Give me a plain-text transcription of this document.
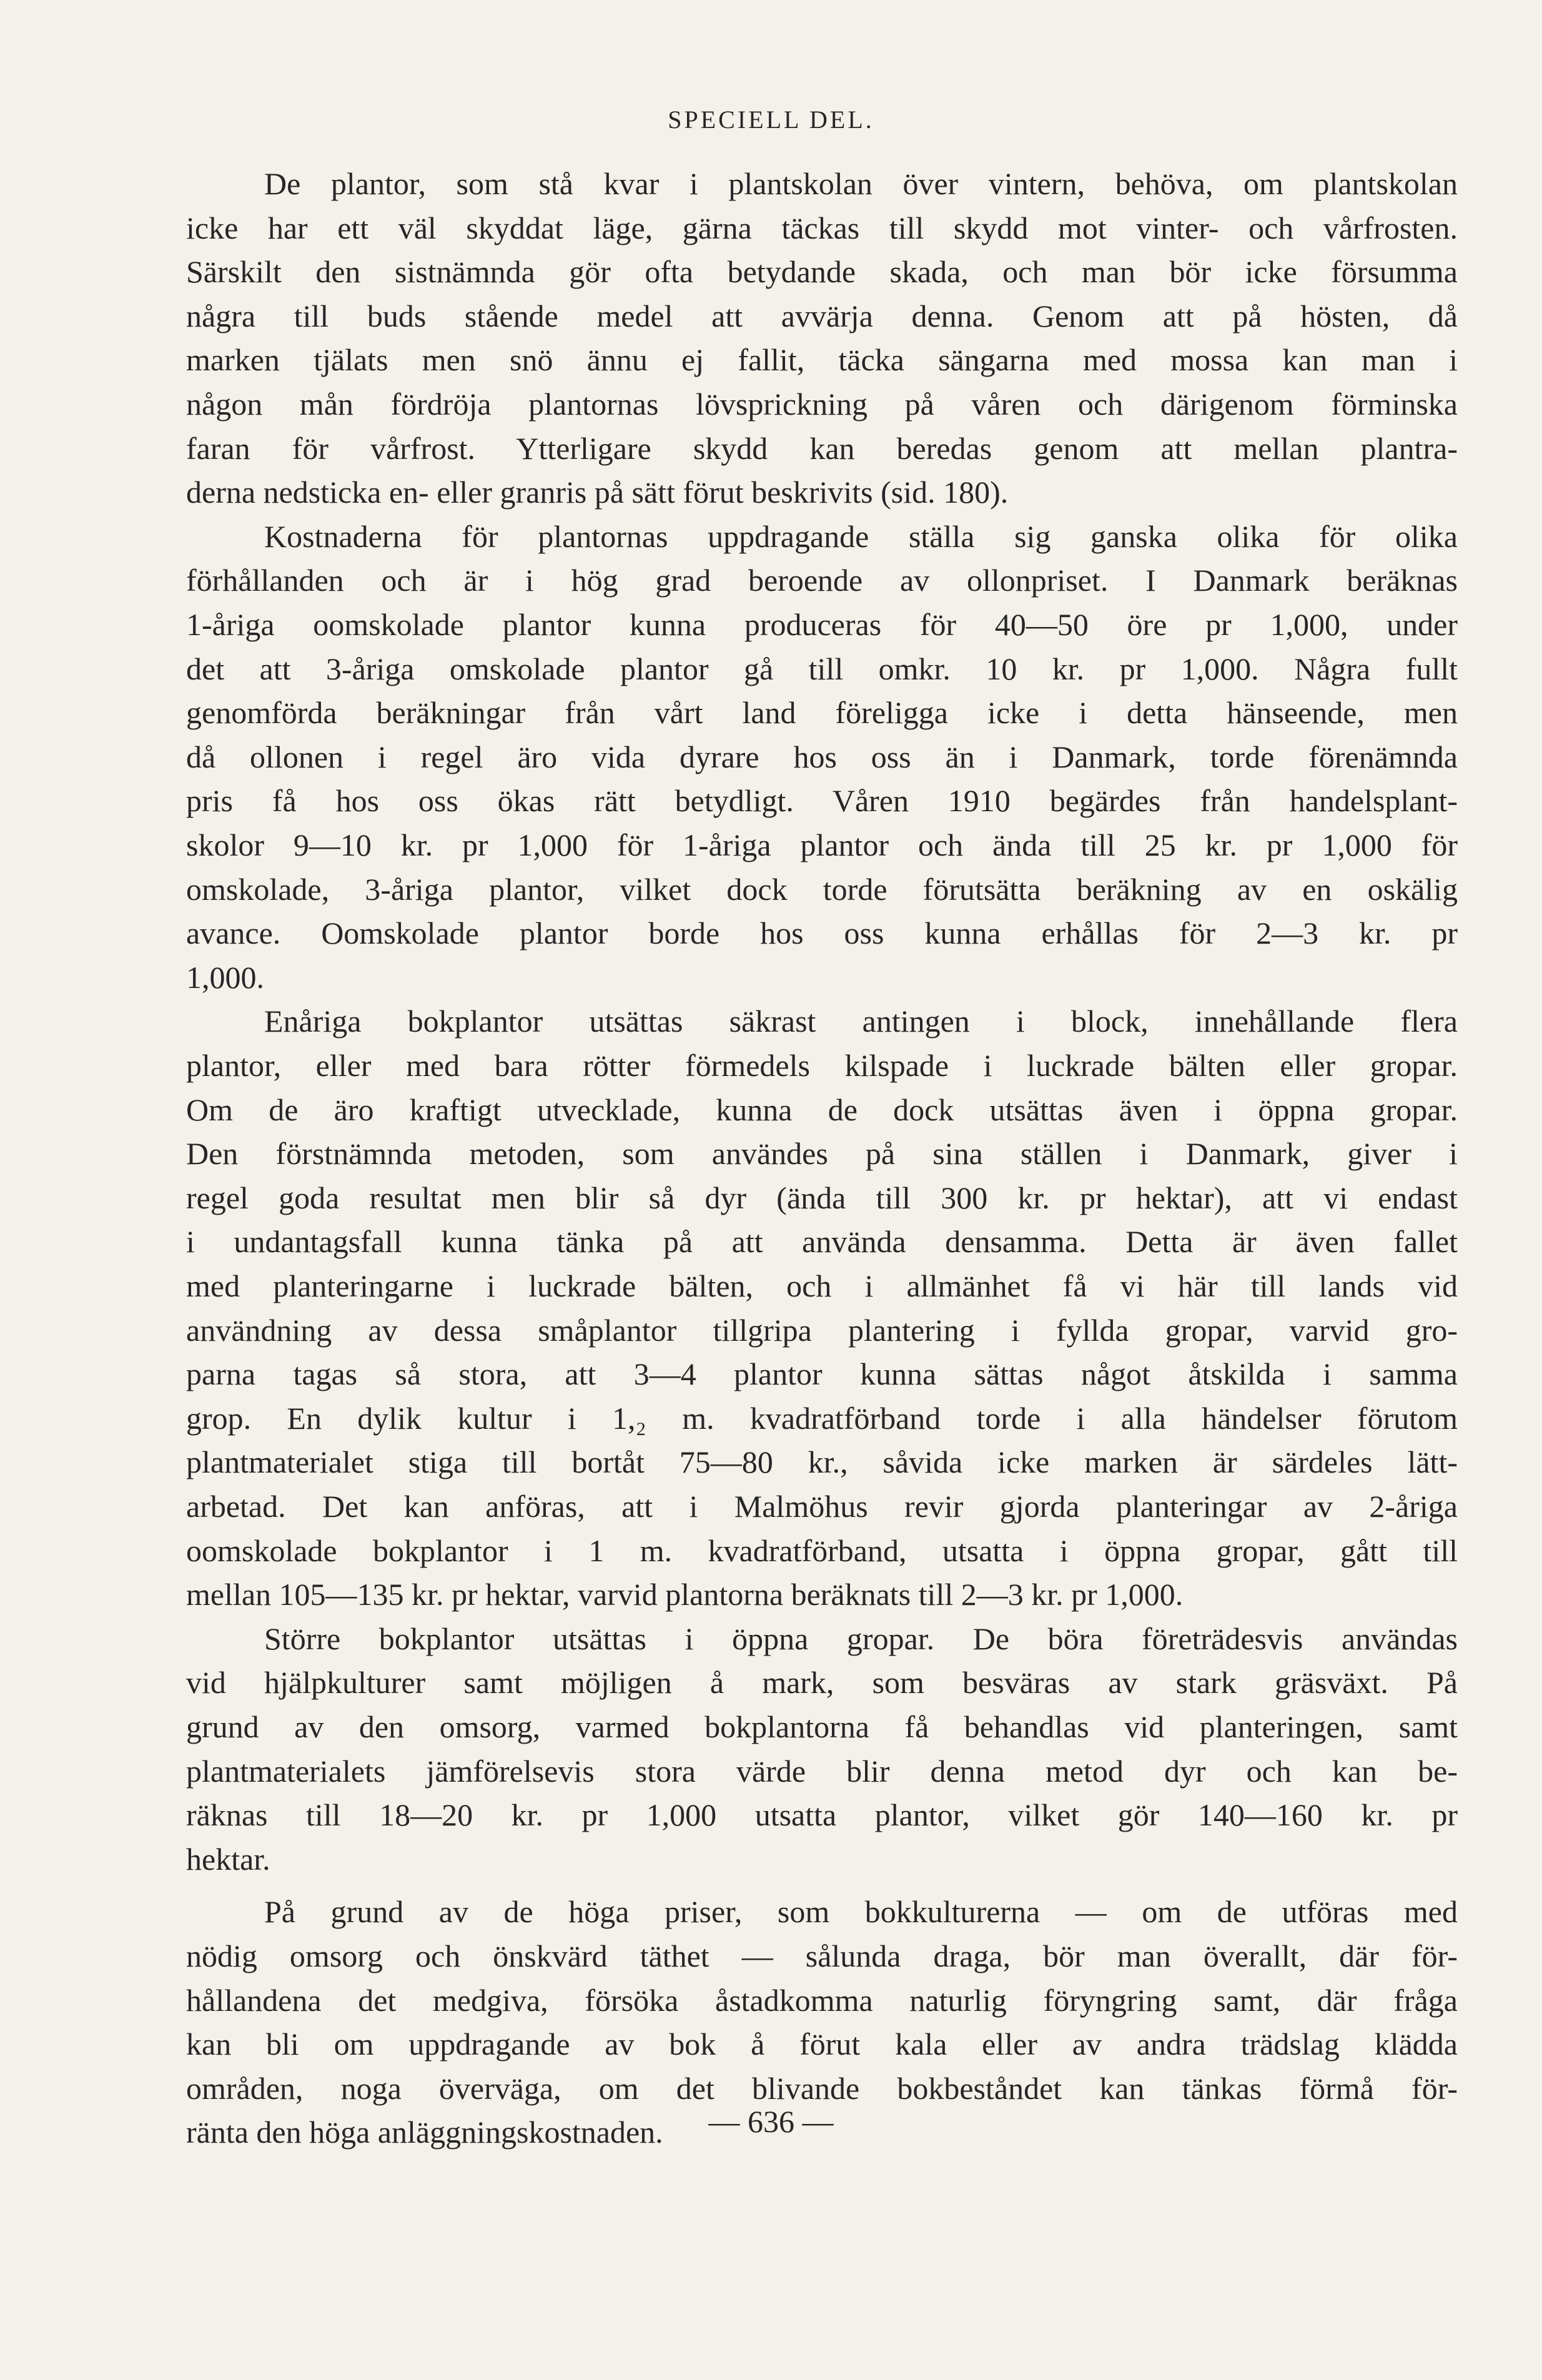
SPECIELL DEL.
De plantor, som stå kvar i plantskolan över vintern, behöva, om plantskolan
icke har ett väl skyddat läge, gärna täckas till skydd mot vinter- och vårfrosten.
Särskilt den sistnämnda gör ofta betydande skada, och man bör icke försumma
några till buds stående medel att avvärja denna. Genom att på hösten, då
marken tjälats men snö ännu ej fallit, täcka sängarna med mossa kan man i
någon mån fördröja plantornas lövsprickning på våren och därigenom förminska
faran för vårfrost. Ytterligare skydd kan beredas genom att mellan plantra-
derna nedsticka en- eller granris på sätt förut beskrivits (sid. 180).
Kostnaderna för plantornas uppdragande ställa sig ganska olika för olika
förhållanden och är i hög grad beroende av ollonpriset. I Danmark beräknas
1-åriga oomskolade plantor kunna produceras för 40—50 öre pr 1,000, under
det att 3-åriga omskolade plantor gå till omkr. 10 kr. pr 1,000. Några fullt
genomförda beräkningar från vårt land föreligga icke i detta hänseende, men
då ollonen i regel äro vida dyrare hos oss än i Danmark, torde förenämnda
pris få hos oss ökas rätt betydligt. Våren 1910 begärdes från handelsplant-
skolor 9—10 kr. pr 1,000 för 1-åriga plantor och ända till 25 kr. pr 1,000 för
omskolade, 3-åriga plantor, vilket dock torde förutsätta beräkning av en oskälig
avance. Oomskolade plantor borde hos oss kunna erhållas för 2—3 kr. pr
1,000.
Enåriga bokplantor utsättas säkrast antingen i block, innehållande flera
plantor, eller med bara rötter förmedels kilspade i luckrade bälten eller gropar.
Om de äro kraftigt utvecklade, kunna de dock utsättas även i öppna gropar.
Den förstnämnda metoden, som användes på sina ställen i Danmark, giver i
regel goda resultat men blir så dyr (ända till 300 kr. pr hektar), att vi endast
i undantagsfall kunna tänka på att använda densamma. Detta är även fallet
med planteringarne i luckrade bälten, och i allmänhet få vi här till lands vid
användning av dessa småplantor tillgripa plantering i fyllda gropar, varvid gro-
parna tagas så stora, att 3—4 plantor kunna sättas något åtskilda i samma
grop. En dylik kultur i 1,₂ m. kvadratförband torde i alla händelser förutom
plantmaterialet stiga till bortåt 75—80 kr., såvida icke marken är särdeles lätt-
arbetad. Det kan anföras, att i Malmöhus revir gjorda planteringar av 2-åriga
oomskolade bokplantor i 1 m. kvadratförband, utsatta i öppna gropar, gått till
mellan 105—135 kr. pr hektar, varvid plantorna beräknats till 2—3 kr. pr 1,000.
Större bokplantor utsättas i öppna gropar. De böra företrädesvis användas
vid hjälpkulturer samt möjligen å mark, som besväras av stark gräsväxt. På
grund av den omsorg, varmed bokplantorna få behandlas vid planteringen, samt
plantmaterialets jämförelsevis stora värde blir denna metod dyr och kan be-
räknas till 18—20 kr. pr 1,000 utsatta plantor, vilket gör 140—160 kr. pr
hektar.
På grund av de höga priser, som bokkulturerna — om de utföras med
nödig omsorg och önskvärd täthet — sålunda draga, bör man överallt, där för-
hållandena det medgiva, försöka åstadkomma naturlig föryngring samt, där fråga
kan bli om uppdragande av bok å förut kala eller av andra trädslag klädda
områden, noga överväga, om det blivande bokbeståndet kan tänkas förmå för-
ränta den höga anläggningskostnaden.	— 636 —
